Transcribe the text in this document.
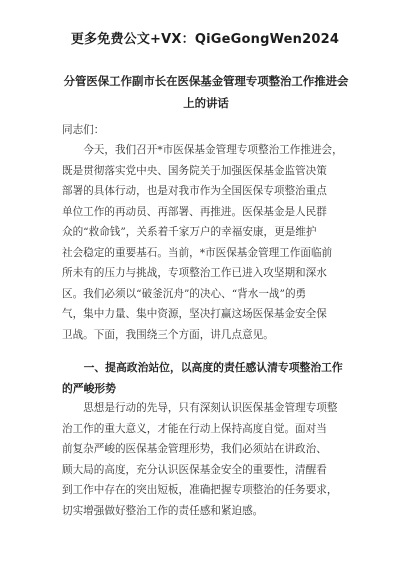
更多免费公文+VX：QiGeGongWen2024
分管医保工作副市长在医保基金管理专项整治工作推进会
上的讲话
同志们：
今天，我们召开*市医保基金管理专项整治工作推进会，
既是贯彻落实党中央、国务院关于加强医保基金监管决策
部署的具体行动，也是对我市作为全国医保专项整治重点
单位工作的再动员、再部署、再推进。医保基金是人民群
众的“救命钱”，关系着千家万户的幸福安康，更是维护
社会稳定的重要基石。当前，*市医保基金管理工作面临前
所未有的压力与挑战，专项整治工作已进入攻坚期和深水
区。我们必须以“破釜沉舟”的决心、“背水一战”的勇
气，集中力量、集中资源，坚决打赢这场医保基金安全保
卫战。下面，我围绕三个方面，讲几点意见。
一、提高政治站位，以高度的责任感认清专项整治工作
的严峻形势
思想是行动的先导，只有深刻认识医保基金管理专项整
治工作的重大意义，才能在行动上保持高度自觉。面对当
前复杂严峻的医保基金管理形势，我们必须站在讲政治、
顾大局的高度，充分认识医保基金安全的重要性，清醒看
到工作中存在的突出短板，准确把握专项整治的任务要求，
切实增强做好整治工作的责任感和紧迫感。
